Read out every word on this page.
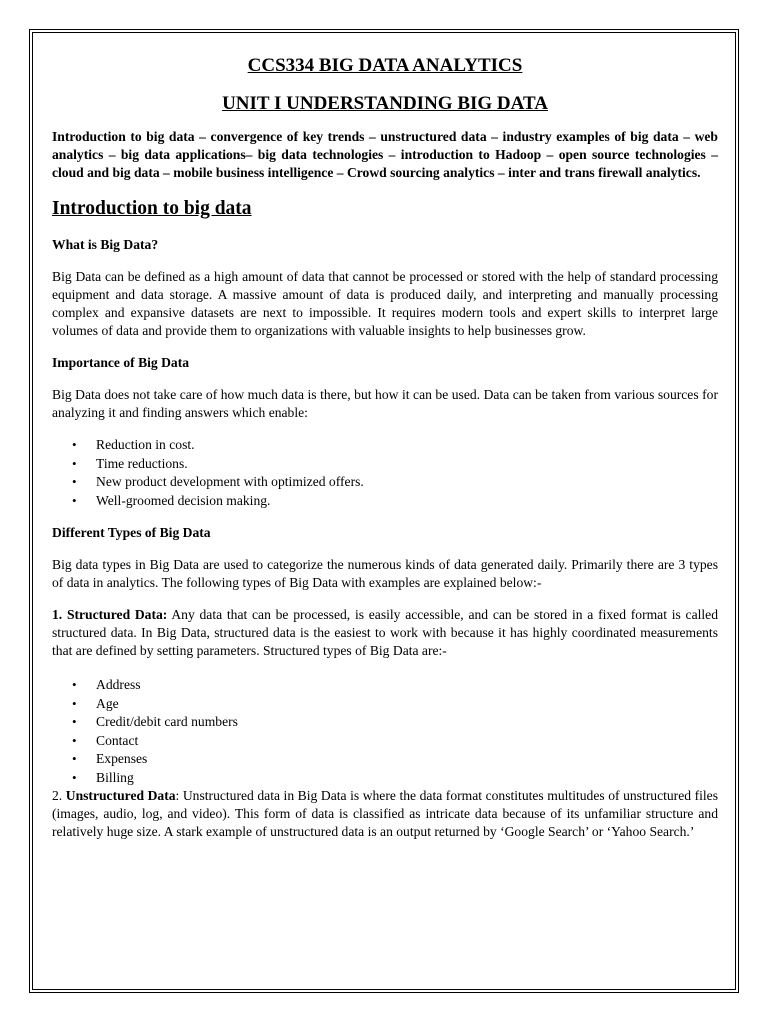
CCS334 BIG DATA ANALYTICS

UNIT I UNDERSTANDING BIG DATA

Introduction to big data – convergence of key trends – unstructured data – industry examples of big data – web analytics – big data applications– big data technologies – introduction to Hadoop – open source technologies – cloud and big data – mobile business intelligence – Crowd sourcing analytics – inter and trans firewall analytics.

Introduction to big data
What is Big Data?

Big Data can be defined as a high amount of data that cannot be processed or stored with the help of standard processing equipment and data storage. A massive amount of data is produced daily, and interpreting and manually processing complex and expansive datasets are next to impossible. It requires modern tools and expert skills to interpret large volumes of data and provide them to organizations with valuable insights to help businesses grow.

Importance of Big Data

Big Data does not take care of how much data is there, but how it can be used. Data can be taken from various sources for analyzing it and finding answers which enable:

• Reduction in cost.
• Time reductions.
• New product development with optimized offers.
• Well-groomed decision making.
Different Types of Big Data

Big data types in Big Data are used to categorize the numerous kinds of data generated daily. Primarily there are 3 types of data in analytics. The following types of Big Data with examples are explained below:-

1. Structured Data: Any data that can be processed, is easily accessible, and can be stored in a fixed format is called structured data. In Big Data, structured data is the easiest to work with because it has highly coordinated measurements that are defined by setting parameters. Structured types of Big Data are:-

• Address
• Age
• Credit/debit card numbers
• Contact
• Expenses
• Billing

2. Unstructured Data: Unstructured data in Big Data is where the data format constitutes multitudes of unstructured files (images, audio, log, and video). This form of data is classified as intricate data because of its unfamiliar structure and relatively huge size. A stark example of unstructured data is an output returned by ‘Google Search’ or ‘Yahoo Search.’
